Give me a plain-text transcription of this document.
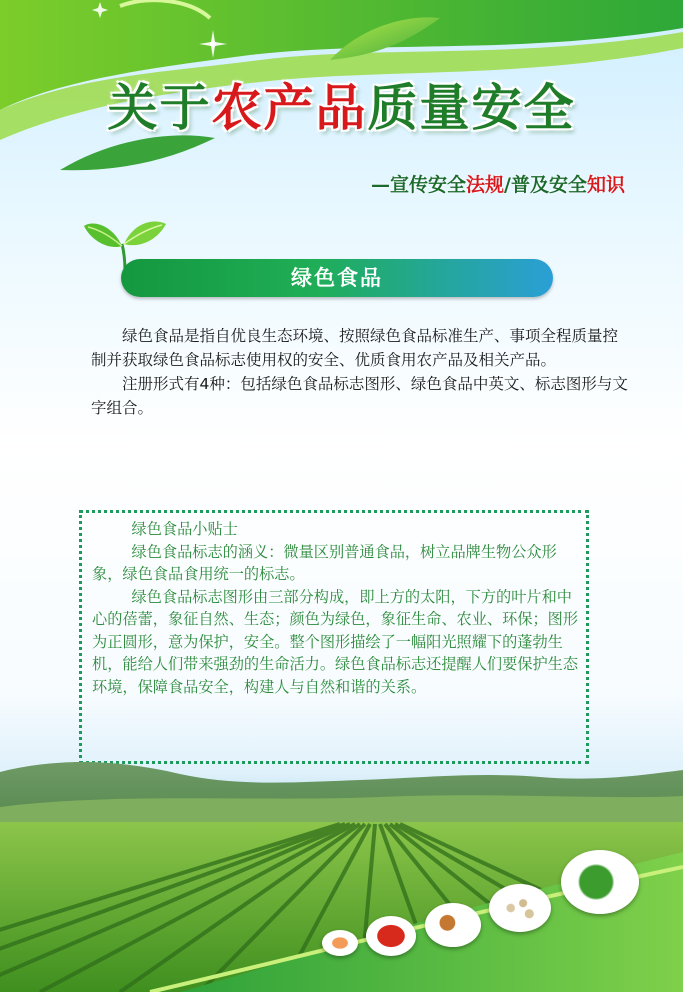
关于农产品质量安全
—宣传安全法规/普及安全知识
绿色食品

绿色食品是指自优良生态环境、按照绿色食品标准生产、事项全程质量控制并获取绿色食品标志使用权的安全、优质食用农产品及相关产品。

注册形式有4种：包括绿色食品标志图形、绿色食品中英文、标志图形与文字组合。

绿色食品小贴士

绿色食品标志的涵义：微量区别普通食品，树立品牌生物公众形象，绿色食品食用统一的标志。

绿色食品标志图形由三部分构成，即上方的太阳，下方的叶片和中心的蓓蕾，象征自然、生态；颜色为绿色，象征生命、农业、环保；图形为正圆形，意为保护，安全。整个图形描绘了一幅阳光照耀下的蓬勃生机，能给人们带来强劲的生命活力。绿色食品标志还提醒人们要保护生态环境，保障食品安全，构建人与自然和谐的关系。
